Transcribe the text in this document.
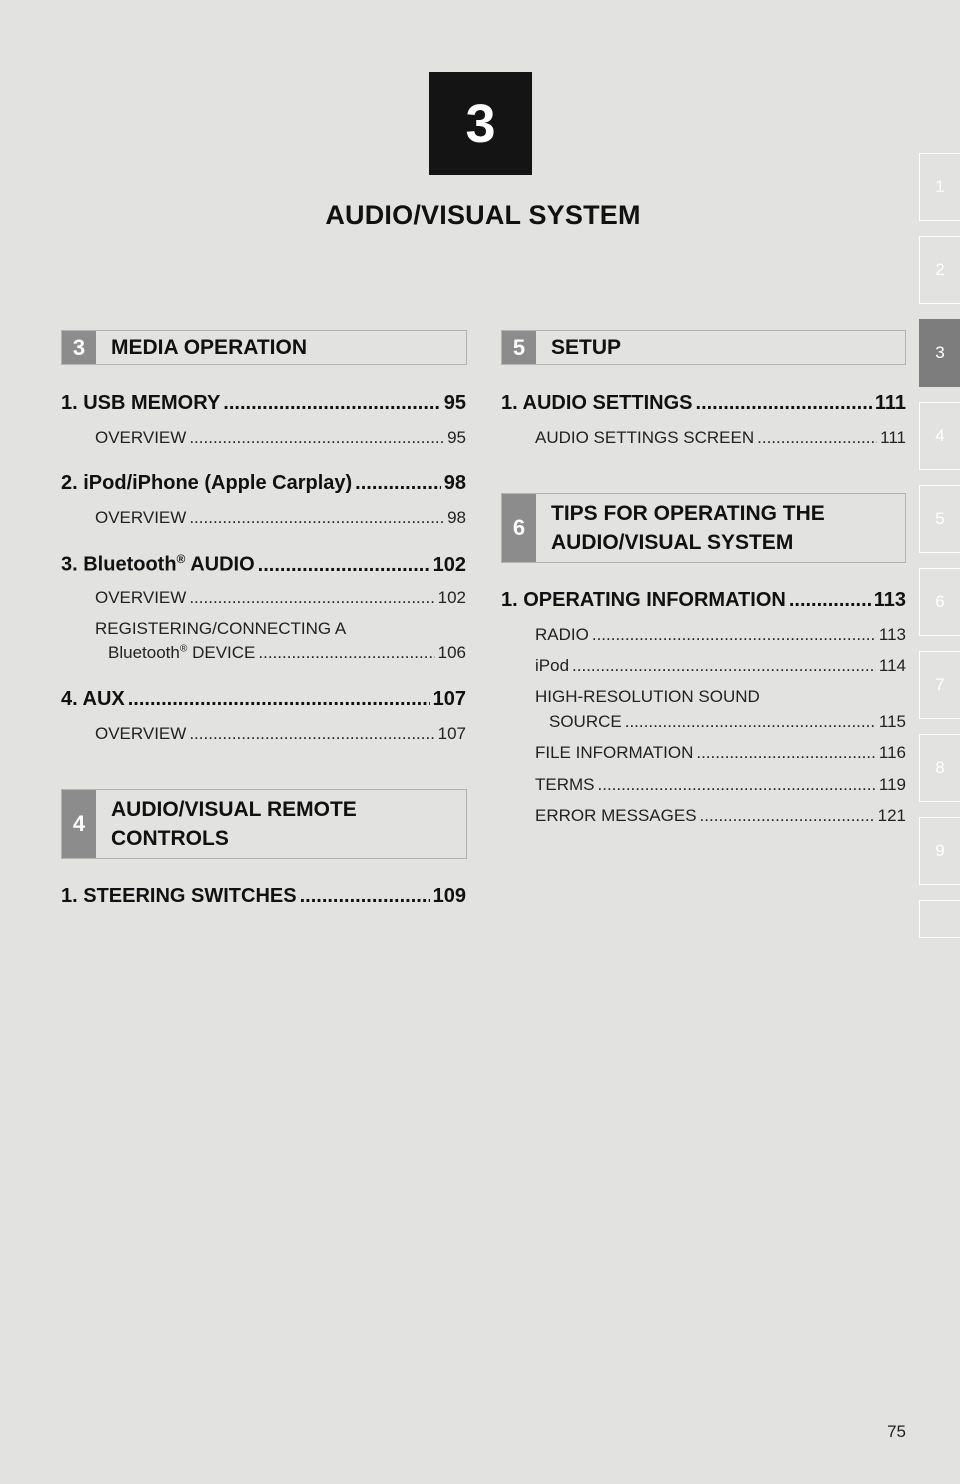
3
AUDIO/VISUAL SYSTEM
1
2
3
4
5
6
7
8
9
3	MEDIA OPERATION
1. USB MEMORY .....	95
OVERVIEW .....	95
2. iPod/iPhone (Apple Carplay) .....	98
OVERVIEW .....	98
3. Bluetooth® AUDIO .....	102
OVERVIEW .....	102
REGISTERING/CONNECTING A
Bluetooth® DEVICE .....	106
4. AUX .....	107
OVERVIEW .....	107
4
AUDIO/VISUAL REMOTE
CONTROLS
1. STEERING SWITCHES .....	109
5	SETUP
1. AUDIO SETTINGS .....	111
AUDIO SETTINGS SCREEN .....	111
6
TIPS FOR OPERATING THE
AUDIO/VISUAL SYSTEM
1. OPERATING INFORMATION .....	113
RADIO .....	113
iPod .....	114
HIGH-RESOLUTION SOUND
SOURCE .....	115
FILE INFORMATION .....	116
TERMS .....	119
ERROR MESSAGES .....	121
75
